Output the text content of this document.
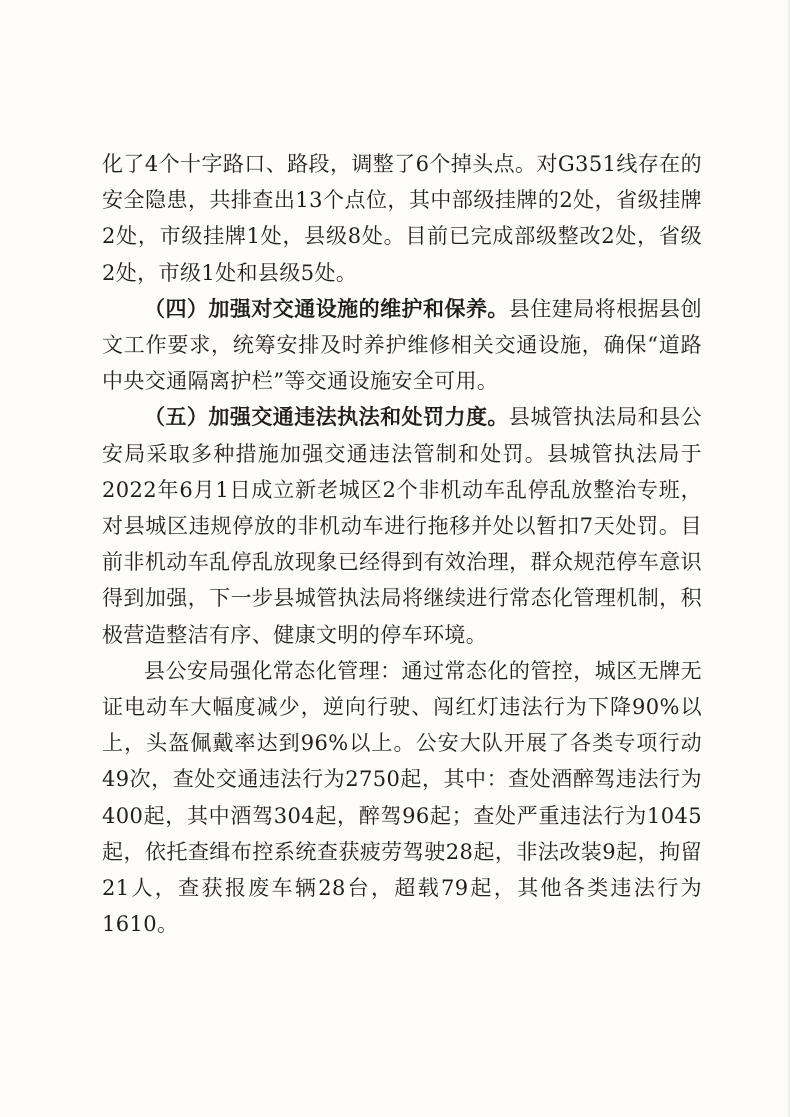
化了4个十字路口、路段，调整了6个掉头点。对G351线存在的安全隐患，共排查出13个点位，其中部级挂牌的2处，省级挂牌2处，市级挂牌1处，县级8处。目前已完成部级整改2处，省级2处，市级1处和县级5处。

（四）加强对交通设施的维护和保养。县住建局将根据县创文工作要求，统筹安排及时养护维修相关交通设施，确保“道路中央交通隔离护栏”等交通设施安全可用。

（五）加强交通违法执法和处罚力度。县城管执法局和县公安局采取多种措施加强交通违法管制和处罚。县城管执法局于2022年6月1日成立新老城区2个非机动车乱停乱放整治专班，对县城区违规停放的非机动车进行拖移并处以暂扣7天处罚。目前非机动车乱停乱放现象已经得到有效治理，群众规范停车意识得到加强，下一步县城管执法局将继续进行常态化管理机制，积极营造整洁有序、健康文明的停车环境。

县公安局强化常态化管理：通过常态化的管控，城区无牌无证电动车大幅度减少，逆向行驶、闯红灯违法行为下降90%以上，头盔佩戴率达到96%以上。公安大队开展了各类专项行动49次，查处交通违法行为2750起，其中：查处酒醉驾违法行为400起，其中酒驾304起，醉驾96起；查处严重违法行为1045起，依托查缉布控系统查获疲劳驾驶28起，非法改装9起，拘留21人，查获报废车辆28台，超载79起，其他各类违法行为1610。
